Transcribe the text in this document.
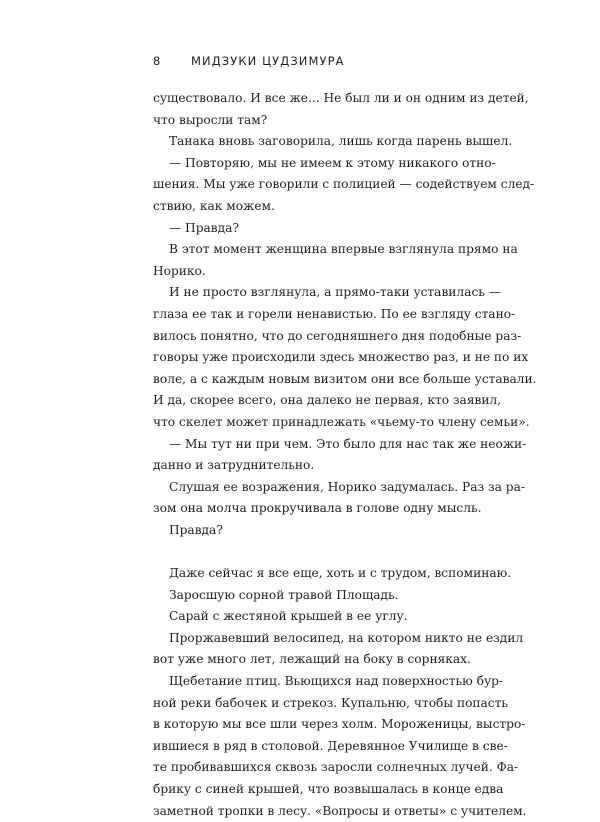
8	МИДЗУКИ ЦУДЗИМУРА
существовало. И все же... Не был ли и он одним из детей,
что выросли там?
Танака вновь заговорила, лишь когда парень вышел.
— Повторяю, мы не имеем к этому никакого отно-
шения. Мы уже говорили с полицией — содействуем след-
ствию, как можем.
— Правда?
В этот момент женщина впервые взглянула прямо на
Норико.
И не просто взглянула, а прямо-таки уставилась —
глаза ее так и горели ненавистью. По ее взгляду стано-
вилось понятно, что до сегодняшнего дня подобные раз-
говоры уже происходили здесь множество раз, и не по их
воле, а с каждым новым визитом они все больше уставали.
И да, скорее всего, она далеко не первая, кто заявил,
что скелет может принадлежать «чьему-то члену семьи».
— Мы тут ни при чем. Это было для нас так же неожи-
данно и затруднительно.
Слушая ее возражения, Норико задумалась. Раз за ра-
зом она молча прокручивала в голове одну мысль.
Правда?
Даже сейчас я все еще, хоть и с трудом, вспоминаю.
Заросшую сорной травой Площадь.
Сарай с жестяной крышей в ее углу.
Проржавевший велосипед, на котором никто не ездил
вот уже много лет, лежащий на боку в сорняках.
Щебетание птиц. Вьющихся над поверхностью бур-
ной реки бабочек и стрекоз. Купальню, чтобы попасть
в которую мы все шли через холм. Мороженицы, выстро-
ившиеся в ряд в столовой. Деревянное Училище в све-
те пробивавшихся сквозь заросли солнечных лучей. Фа-
брику с синей крышей, что возвышалась в конце едва
заметной тропки в лесу. «Вопросы и ответы» с учителем.
